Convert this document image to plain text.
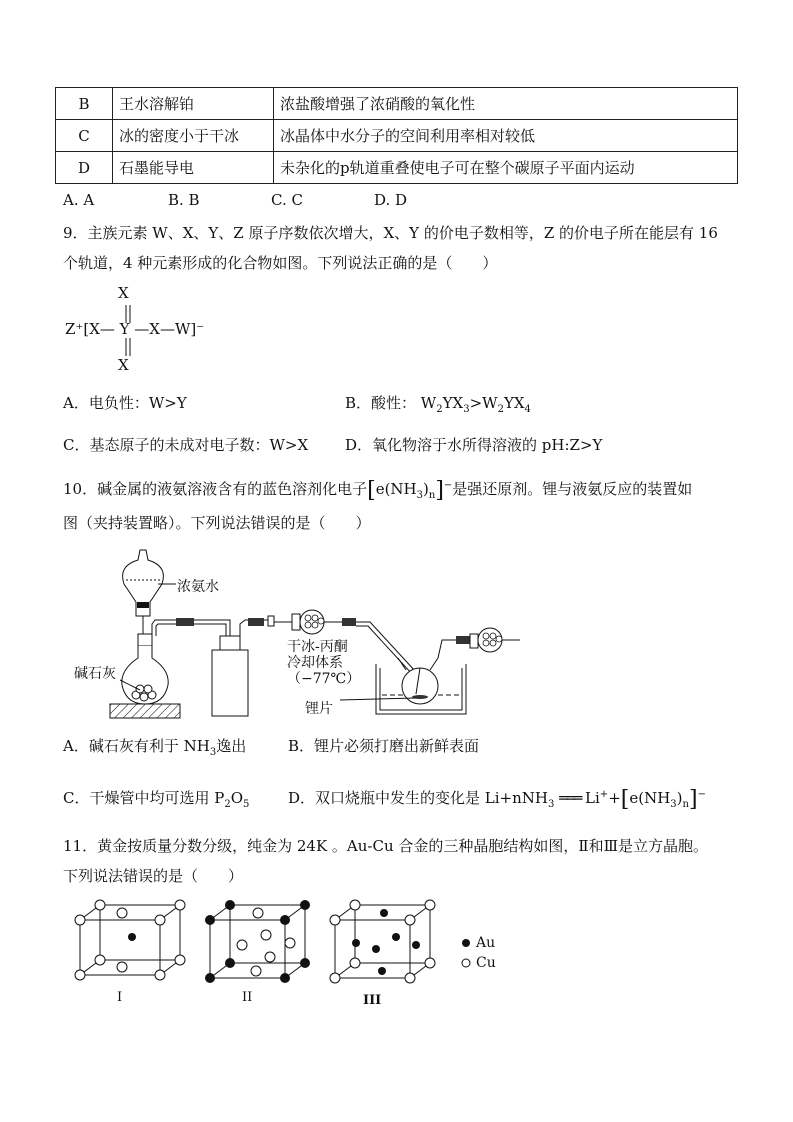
B	王水溶解铂	浓盐酸增强了浓硝酸的氧化性
C	冰的密度小于干冰	冰晶体中水分子的空间利用率相对较低
D	石墨能导电	未杂化的p轨道重叠使电子可在整个碳原子平面内运动
A. A	B. B	C. C	D. D
9．主族元素 W、X、Y、Z 原子序数依次增大，X、Y 的价电子数相等，Z 的价电子所在能层有 16
个轨道，4 种元素形成的化合物如图。下列说法正确的是（　　）
X
Z⁺[X— Y —X—W]⁻
X
A．电负性：W>Y	B．酸性： $W_2YX_3>W_2YX_4$
C．基态原子的未成对电子数：W>X D．氧化物溶于水所得溶液的 pH:Z>Y
10．碱金属的液氨溶液含有的蓝色溶剂化电子$[e(NH_3)_n]^-$是强还原剂。锂与液氨反应的装置如
图（夹持装置略）。下列说法错误的是（　　）
浓氨水
碱石灰
干冰-丙酮
冷却体系
（−77℃）
锂片
A．碱石灰有利于 $NH_3$逸出	B．锂片必须打磨出新鲜表面
C．干燥管中均可选用 $P_2O_5$	D．双口烧瓶中发生的变化是 Li+nNH$_3$ ═══ $Li^++[e(NH_3)_n]^-$
11．黄金按质量分数分级，纯金为 24K 。Au-Cu 合金的三种晶胞结构如图，Ⅱ和Ⅲ是立方晶胞。
下列说法错误的是（　　）
Au
Cu
I	II	III
